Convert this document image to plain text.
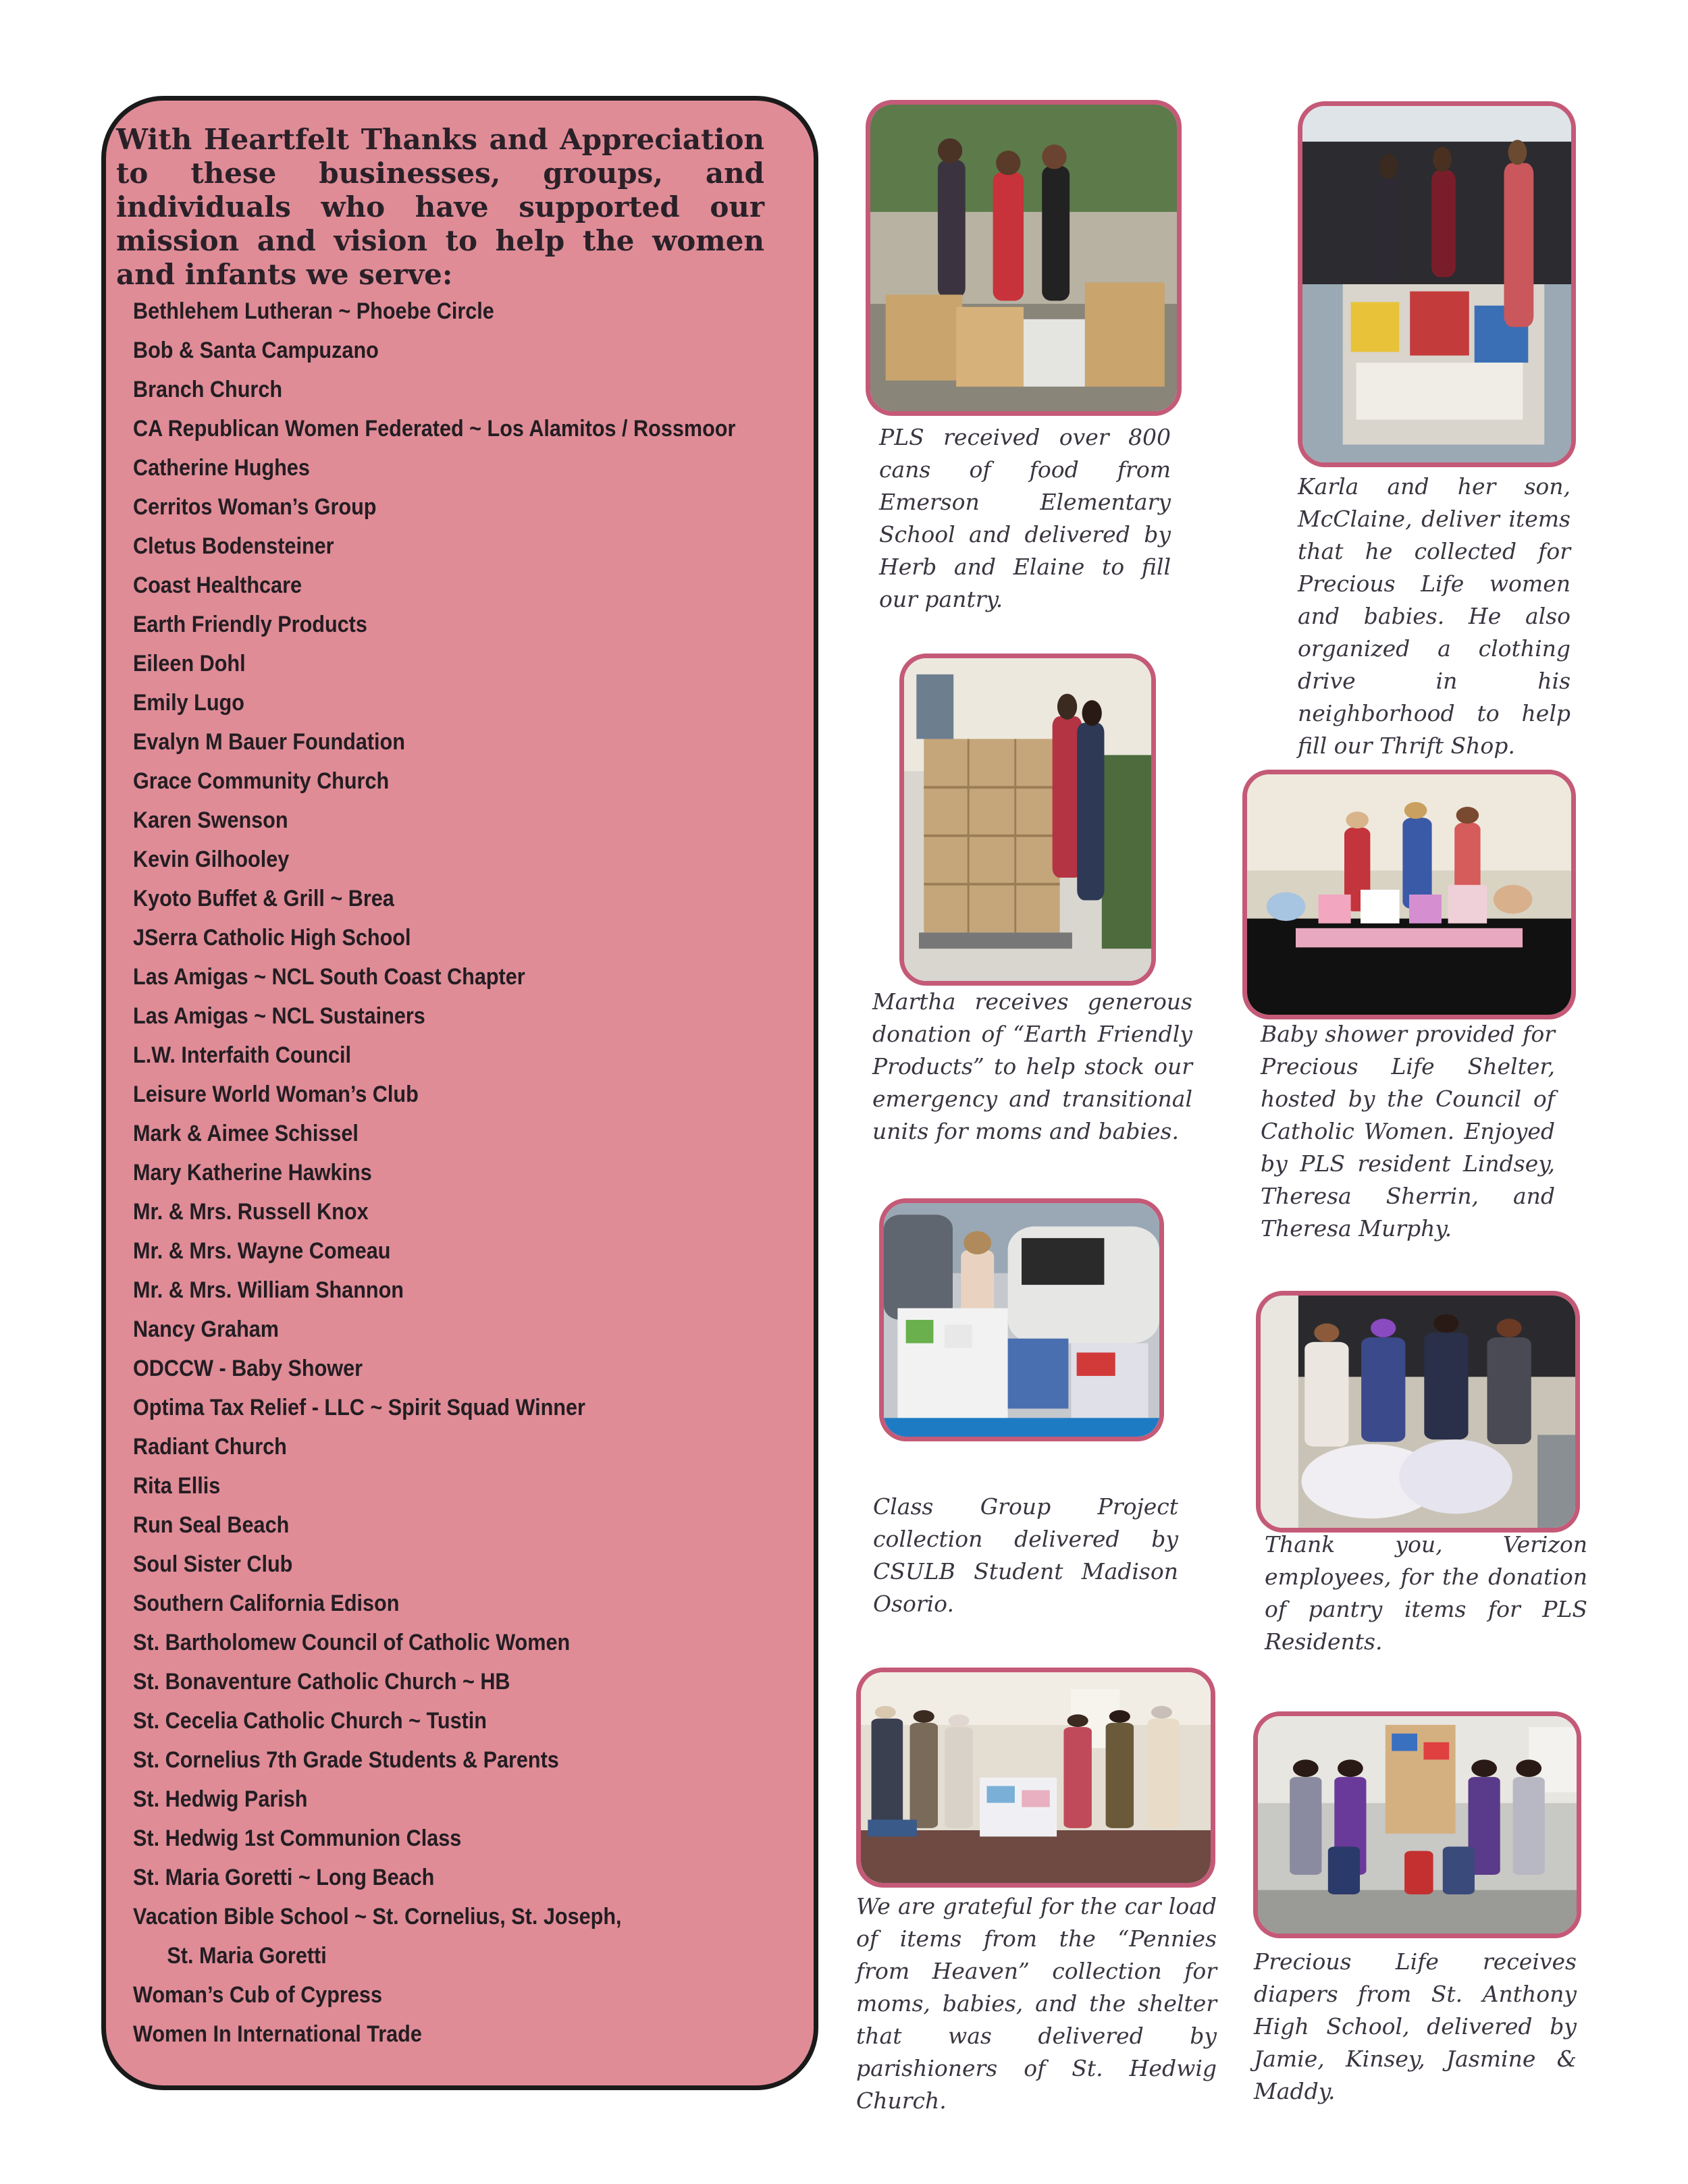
With Heartfelt Thanks and Appreciation to these businesses, groups, and individuals who have supported our mission and vision to help the women and infants we serve:

Bethlehem Lutheran ~ Phoebe Circle
Bob & Santa Campuzano
Branch Church
CA Republican Women Federated ~ Los Alamitos / Rossmoor
Catherine Hughes
Cerritos Woman’s Group
Cletus Bodensteiner
Coast Healthcare
Earth Friendly Products
Eileen Dohl
Emily Lugo
Evalyn M Bauer Foundation
Grace Community Church
Karen Swenson
Kevin Gilhooley
Kyoto Buffet & Grill ~ Brea
JSerra Catholic High School
Las Amigas ~ NCL South Coast Chapter
Las Amigas ~ NCL Sustainers
L.W. Interfaith Council
Leisure World Woman’s Club
Mark & Aimee Schissel
Mary Katherine Hawkins
Mr. & Mrs. Russell Knox
Mr. & Mrs. Wayne Comeau
Mr. & Mrs. William Shannon
Nancy Graham
ODCCW - Baby Shower
Optima Tax Relief - LLC ~ Spirit Squad Winner
Radiant Church
Rita Ellis
Run Seal Beach
Soul Sister Club
Southern California Edison
St. Bartholomew Council of Catholic Women
St. Bonaventure Catholic Church ~ HB
St. Cecelia Catholic Church ~ Tustin
St. Cornelius 7th Grade Students & Parents
St. Hedwig Parish
St. Hedwig 1st Communion Class
St. Maria Goretti ~ Long Beach
Vacation Bible School ~ St. Cornelius, St. Joseph,
St. Maria Goretti
Woman’s Cub of Cypress
Women In International Trade

PLS received over 800 cans of food from Emerson Elementary School and delivered by Herb and Elaine to fill our pantry.

Karla and her son, McClaine, deliver items that he collected for Precious Life women and babies. He also organized a clothing drive in his neighborhood to help fill our Thrift Shop.

Martha receives generous donation of “Earth Friendly Products” to help stock our emergency and transitional units for moms and babies.

Baby shower provided for Precious Life Shelter, hosted by the Council of Catholic Women. Enjoyed by PLS resident Lindsey, Theresa Sherrin, and Theresa Murphy.

Class Group Project collection delivered by CSULB Student Madison Osorio.

Thank you, Verizon employees, for the donation of pantry items for PLS Residents.

We are grateful for the car load of items from the “Pennies from Heaven” collection for moms, babies, and the shelter that was delivered by parishioners of St. Hedwig Church.

Precious Life receives diapers from St. Anthony High School, delivered by Jamie, Kinsey, Jasmine & Maddy.
